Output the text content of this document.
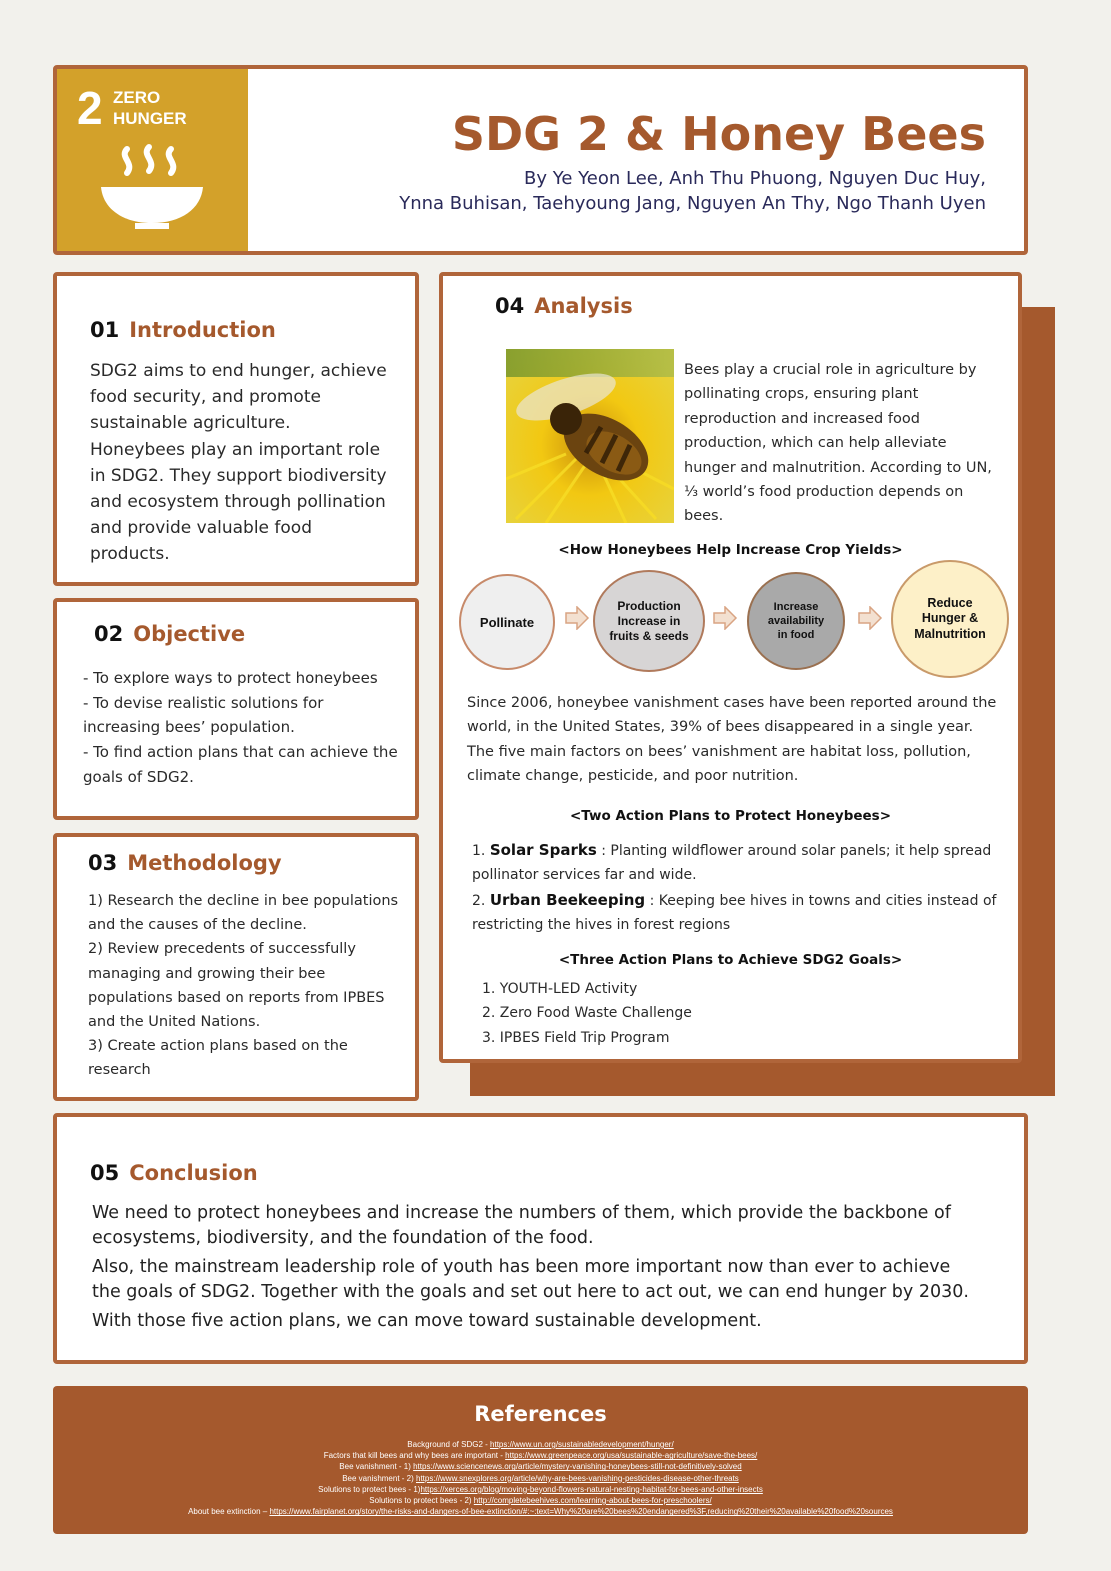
2 ZERO
HUNGER	SDG 2 & Honey Bees
By Ye Yeon Lee, Anh Thu Phuong, Nguyen Duc Huy,
Ynna Buhisan, Taehyoung Jang, Nguyen An Thy, Ngo Thanh Uyen
01 Introduction
SDG2 aims to end hunger, achieve food security, and promote sustainable agriculture. Honeybees play an important role in SDG2. They support biodiversity and ecosystem through pollination and provide valuable food products.
02 Objective
- To explore ways to protect honeybees
- To devise realistic solutions for increasing bees’ population.
- To find action plans that can achieve the goals of SDG2.
03 Methodology
1) Research the decline in bee populations and the causes of the decline.
2) Review precedents of successfully managing and growing their bee populations based on reports from IPBES and the United Nations.
3) Create action plans based on the research
04 Analysis
Bees play a crucial role in agriculture by pollinating crops, ensuring plant reproduction and increased food production, which can help alleviate hunger and malnutrition. According to UN, ⅓ world’s food production depends on bees.
<How Honeybees Help Increase Crop Yields>
Pollinate
Production Increase in fruits & seeds
Increase availability in food
Reduce Hunger & Malnutrition
Since 2006, honeybee vanishment cases have been reported around the world, in the United States, 39% of bees disappeared in a single year. The five main factors on bees’ vanishment are habitat loss, pollution, climate change, pesticide, and poor nutrition.
<Two Action Plans to Protect Honeybees>
1. Solar Sparks : Planting wildflower around solar panels; it help spread pollinator services far and wide.
2. Urban Beekeeping : Keeping bee hives in towns and cities instead of restricting the hives in forest regions
<Three Action Plans to Achieve SDG2 Goals>
1. YOUTH-LED Activity
2. Zero Food Waste Challenge
3. IPBES Field Trip Program
05 Conclusion

We need to protect honeybees and increase the numbers of them, which provide the backbone of ecosystems, biodiversity, and the foundation of the food.

Also, the mainstream leadership role of youth has been more important now than ever to achieve the goals of SDG2. Together with the goals and set out here to act out, we can end hunger by 2030.

With those five action plans, we can move toward sustainable development.

References
Background of SDG2 - https://www.un.org/sustainabledevelopment/hunger/
Factors that kill bees and why bees are important - https://www.greenpeace.org/usa/sustainable-agriculture/save-the-bees/
Bee vanishment - 1) https://www.sciencenews.org/article/mystery-vanishing-honeybees-still-not-definitively-solved
Bee vanishment - 2) https://www.snexplores.org/article/why-are-bees-vanishing-pesticides-disease-other-threats
Solutions to protect bees - 1)https://xerces.org/blog/moving-beyond-flowers-natural-nesting-habitat-for-bees-and-other-insects
Solutions to protect bees - 2) http://completebeehives.com/learning-about-bees-for-preschoolers/
About bee extinction – https://www.fairplanet.org/story/the-risks-and-dangers-of-bee-extinction/#:~:text=Why%20are%20bees%20endangered%3F,reducing%20their%20available%20food%20sources
